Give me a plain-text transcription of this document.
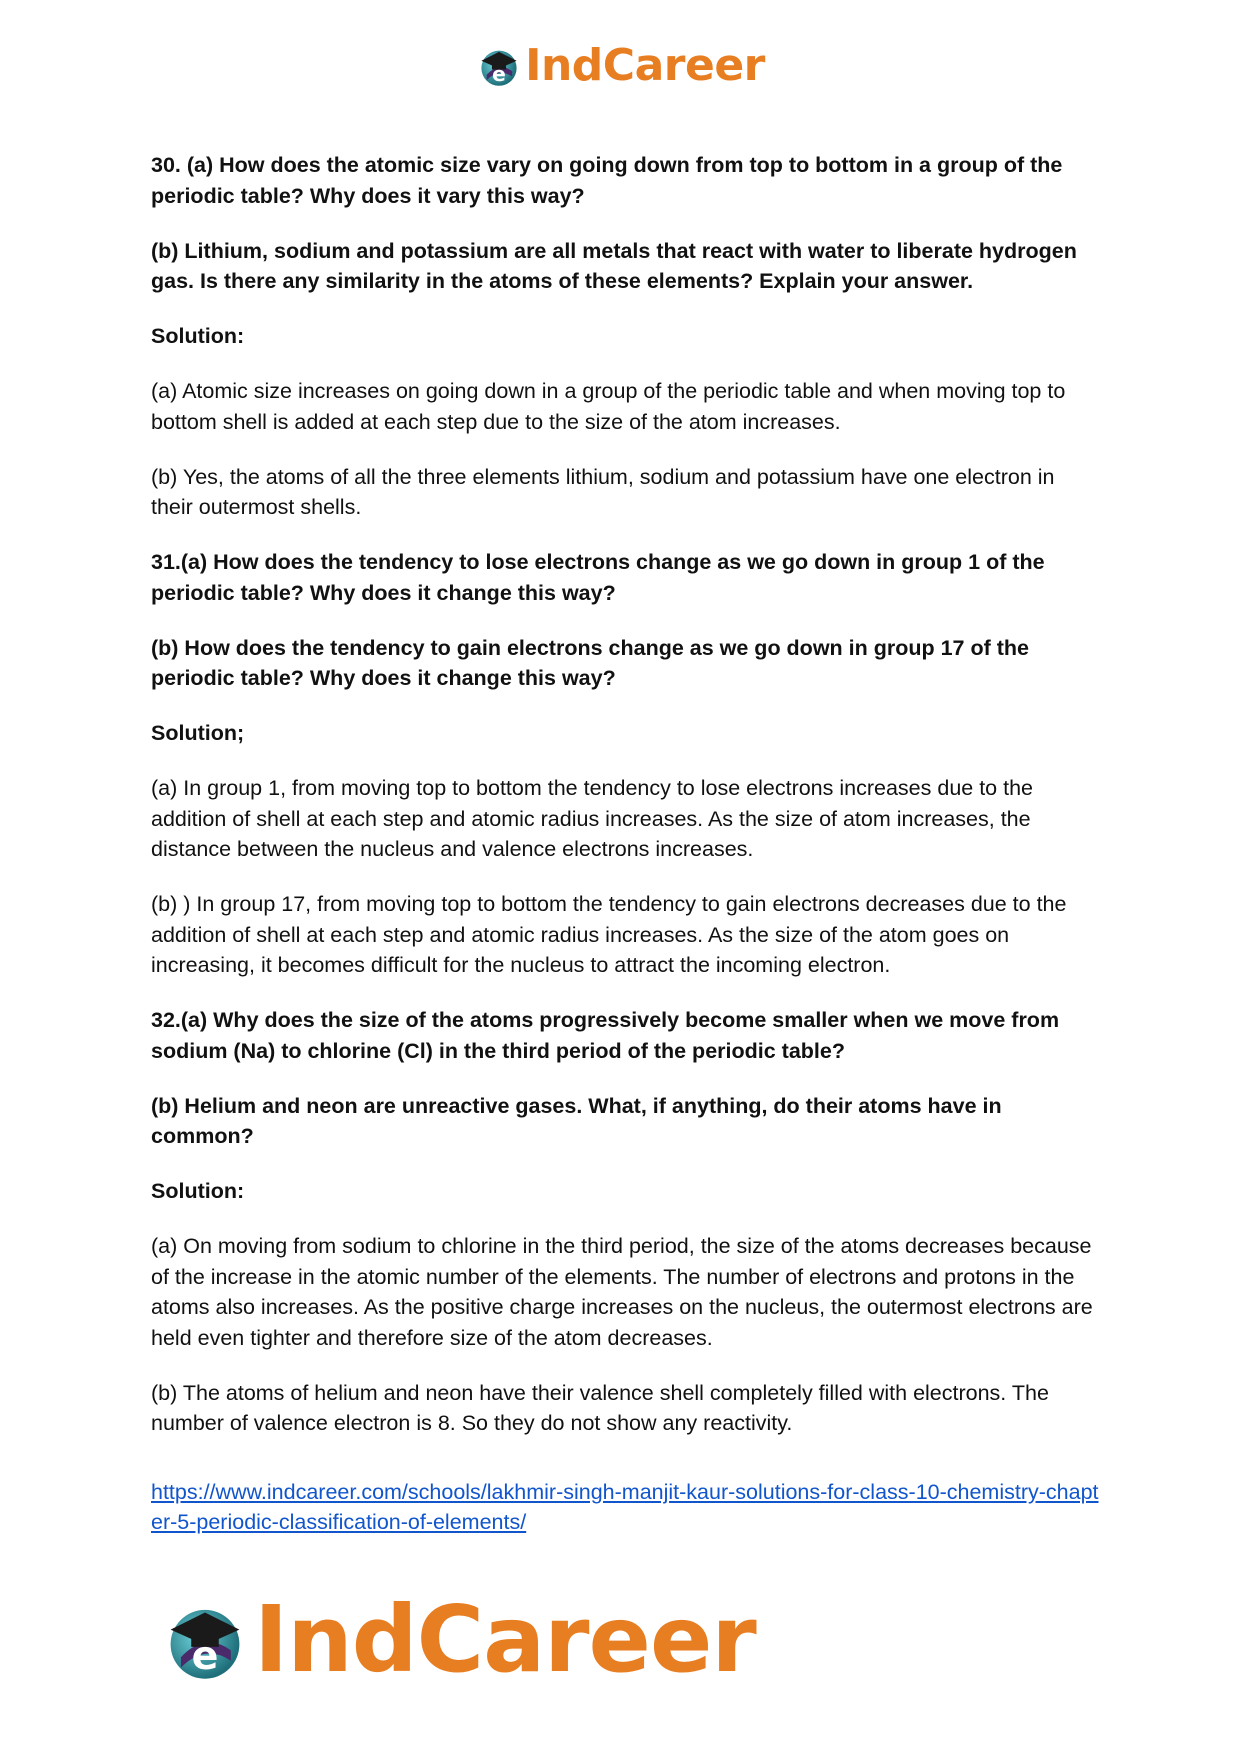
e IndCareer

30. (a) How does the atomic size vary on going down from top to bottom in a group of the periodic table? Why does it vary this way?

(b) Lithium, sodium and potassium are all metals that react with water to liberate hydrogen gas. Is there any similarity in the atoms of these elements? Explain your answer.

Solution:

(a) Atomic size increases on going down in a group of the periodic table and when moving top to bottom shell is added at each step due to the size of the atom increases.

(b) Yes, the atoms of all the three elements lithium, sodium and potassium have one electron in their outermost shells.

31.(a) How does the tendency to lose electrons change as we go down in group 1 of the periodic table? Why does it change this way?

(b) How does the tendency to gain electrons change as we go down in group 17 of the periodic table? Why does it change this way?

Solution;

(a) In group 1, from moving top to bottom the tendency to lose electrons increases due to the addition of shell at each step and atomic radius increases. As the size of atom increases, the distance between the nucleus and valence electrons increases.

(b) ) In group 17, from moving top to bottom the tendency to gain electrons decreases due to the addition of shell at each step and atomic radius increases. As the size of the atom goes on increasing, it becomes difficult for the nucleus to attract the incoming electron.

32.(a) Why does the size of the atoms progressively become smaller when we move from sodium (Na) to chlorine (Cl) in the third period of the periodic table?

(b) Helium and neon are unreactive gases. What, if anything, do their atoms have in common?

Solution:

(a) On moving from sodium to chlorine in the third period, the size of the atoms decreases because of the increase in the atomic number of the elements. The number of electrons and protons in the atoms also increases. As the positive charge increases on the nucleus, the outermost electrons are held even tighter and therefore size of the atom decreases.

(b) The atoms of helium and neon have their valence shell completely filled with electrons. The number of valence electron is 8. So they do not show any reactivity.

https://www.indcareer.com/schools/lakhmir-singh-manjit-kaur-solutions-for-class-10-chemistry-chapter-5-periodic-classification-of-elements/
e IndCareer
